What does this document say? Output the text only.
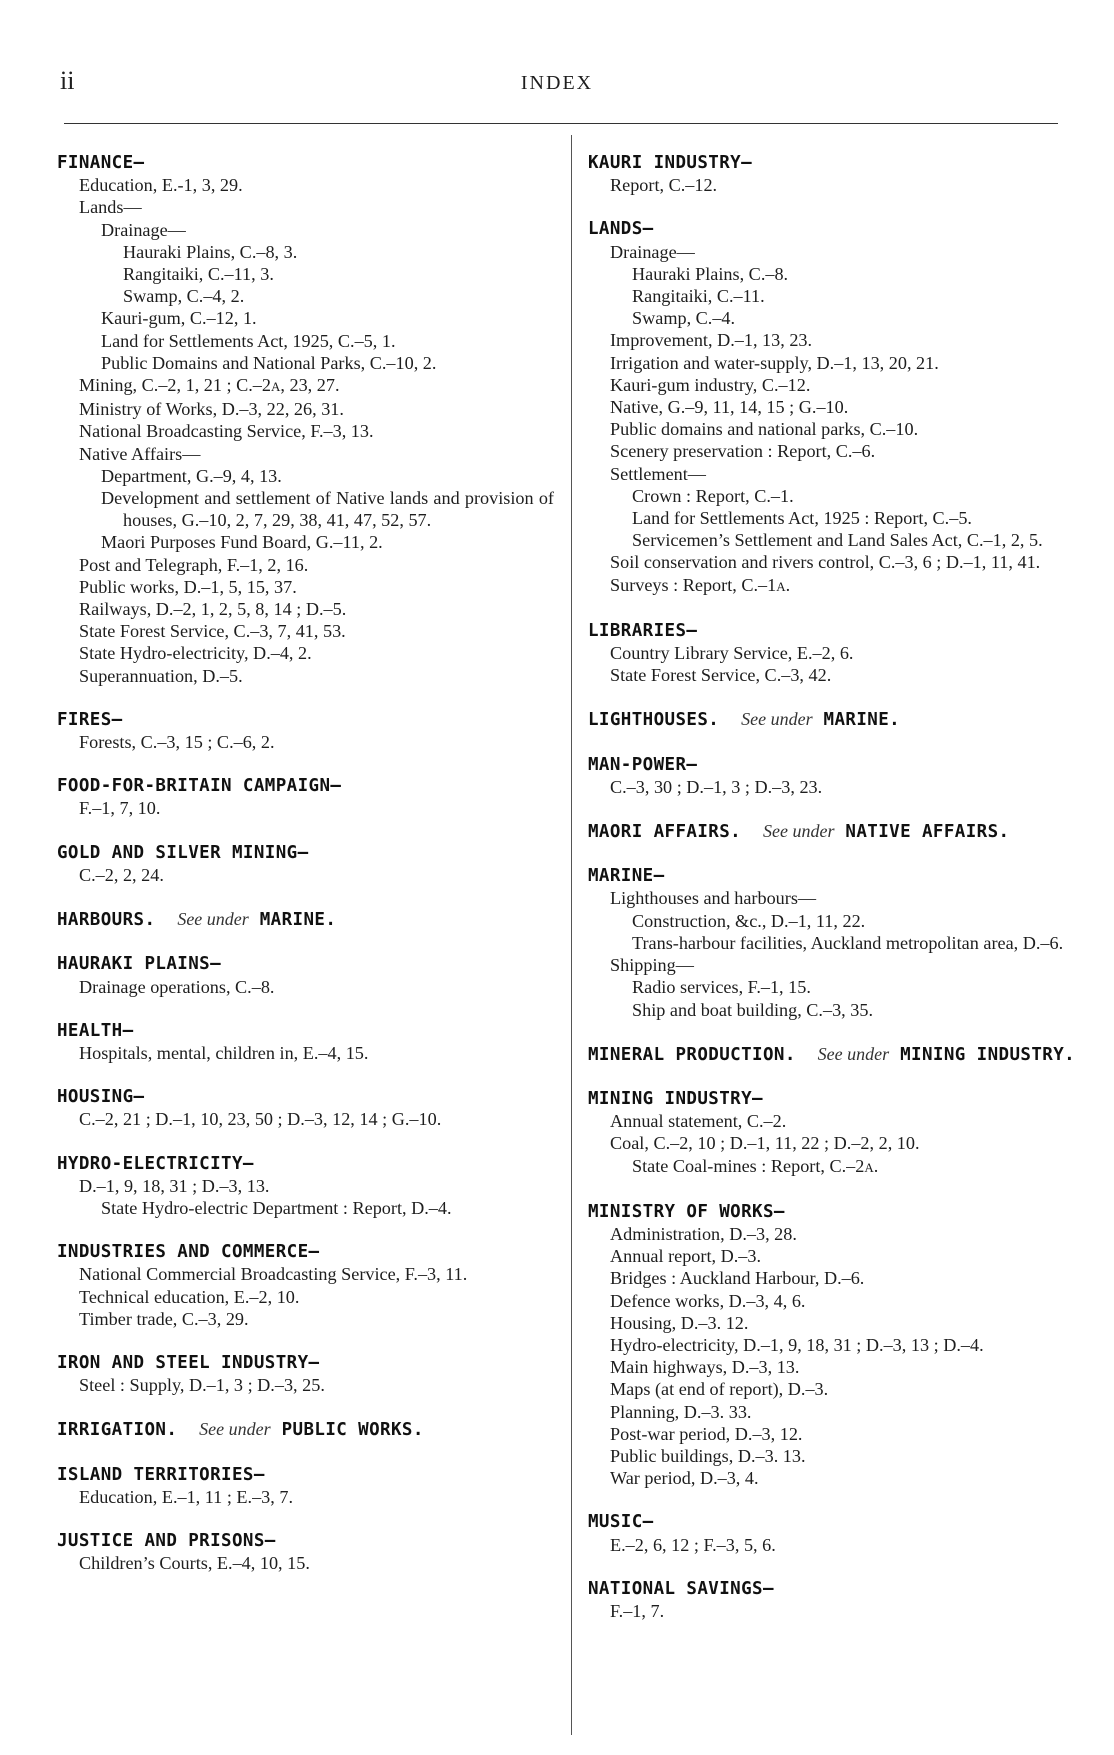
ii	INDEX
FINANCE—
Education, E.-1, 3, 29.
Lands—
Drainage—
Hauraki Plains, C.–8, 3.
Rangitaiki, C.–11, 3.
Swamp, C.–4, 2.
Kauri-gum, C.–12, 1.
Land for Settlements Act, 1925, C.–5, 1.
Public Domains and National Parks, C.–10, 2.
Mining, C.–2, 1, 21 ; C.–2A, 23, 27.
Ministry of Works, D.–3, 22, 26, 31.
National Broadcasting Service, F.–3, 13.
Native Affairs—
Department, G.–9, 4, 13.
Development and settlement of Native lands and provision of houses, G.–10, 2, 7, 29, 38, 41, 47, 52, 57.
Maori Purposes Fund Board, G.–11, 2.
Post and Telegraph, F.–1, 2, 16.
Public works, D.–1, 5, 15, 37.
Railways, D.–2, 1, 2, 5, 8, 14 ; D.–5.
State Forest Service, C.–3, 7, 41, 53.
State Hydro-electricity, D.–4, 2.
Superannuation, D.–5.
FIRES—
Forests, C.–3, 15 ; C.–6, 2.
FOOD-FOR-BRITAIN CAMPAIGN—
F.–1, 7, 10.
GOLD AND SILVER MINING—
C.–2, 2, 24.
HARBOURS. See under MARINE.
HAURAKI PLAINS—
Drainage operations, C.–8.
HEALTH—
Hospitals, mental, children in, E.–4, 15.
HOUSING—
C.–2, 21 ; D.–1, 10, 23, 50 ; D.–3, 12, 14 ; G.–10.
HYDRO-ELECTRICITY—
D.–1, 9, 18, 31 ; D.–3, 13.
State Hydro-electric Department : Report, D.–4.
INDUSTRIES AND COMMERCE—
National Commercial Broadcasting Service, F.–3, 11.
Technical education, E.–2, 10.
Timber trade, C.–3, 29.
IRON AND STEEL INDUSTRY—
Steel : Supply, D.–1, 3 ; D.–3, 25.
IRRIGATION. See under PUBLIC WORKS.
ISLAND TERRITORIES—
Education, E.–1, 11 ; E.–3, 7.
JUSTICE AND PRISONS—
Children’s Courts, E.–4, 10, 15.
KAURI INDUSTRY—
Report, C.–12.
LANDS—
Drainage—
Hauraki Plains, C.–8.
Rangitaiki, C.–11.
Swamp, C.–4.
Improvement, D.–1, 13, 23.
Irrigation and water-supply, D.–1, 13, 20, 21.
Kauri-gum industry, C.–12.
Native, G.–9, 11, 14, 15 ; G.–10.
Public domains and national parks, C.–10.
Scenery preservation : Report, C.–6.
Settlement—
Crown : Report, C.–1.
Land for Settlements Act, 1925 : Report, C.–5.
Servicemen’s Settlement and Land Sales Act, C.–1, 2, 5.
Soil conservation and rivers control, C.–3, 6 ; D.–1, 11, 41.
Surveys : Report, C.–1A.
LIBRARIES—
Country Library Service, E.–2, 6.
State Forest Service, C.–3, 42.
LIGHTHOUSES. See under MARINE.
MAN-POWER—
C.–3, 30 ; D.–1, 3 ; D.–3, 23.
MAORI AFFAIRS. See under NATIVE AFFAIRS.
MARINE—
Lighthouses and harbours—
Construction, &c., D.–1, 11, 22.
Trans-harbour facilities, Auckland metropolitan area, D.–6.
Shipping—
Radio services, F.–1, 15.
Ship and boat building, C.–3, 35.
MINERAL PRODUCTION. See under MINING INDUSTRY.
MINING INDUSTRY—
Annual statement, C.–2.
Coal, C.–2, 10 ; D.–1, 11, 22 ; D.–2, 2, 10.
State Coal-mines : Report, C.–2A.
MINISTRY OF WORKS—
Administration, D.–3, 28.
Annual report, D.–3.
Bridges : Auckland Harbour, D.–6.
Defence works, D.–3, 4, 6.
Housing, D.–3. 12.
Hydro-electricity, D.–1, 9, 18, 31 ; D.–3, 13 ; D.–4.
Main highways, D.–3, 13.
Maps (at end of report), D.–3.
Planning, D.–3. 33.
Post-war period, D.–3, 12.
Public buildings, D.–3. 13.
War period, D.–3, 4.
MUSIC—
E.–2, 6, 12 ; F.–3, 5, 6.
NATIONAL SAVINGS—
F.–1, 7.
